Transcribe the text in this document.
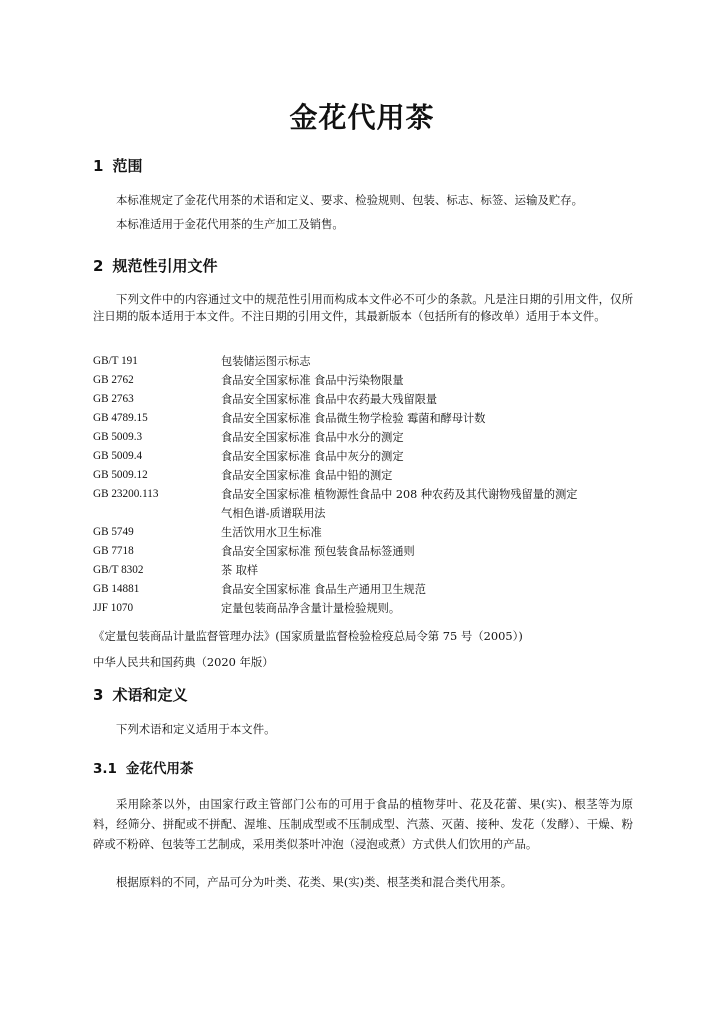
金花代用茶
1 范围

本标准规定了金花代用茶的术语和定义、要求、检验规则、包装、标志、标签、运输及贮存。

本标准适用于金花代用茶的生产加工及销售。

2 规范性引用文件

下列文件中的内容通过文中的规范性引用而构成本文件必不可少的条款。凡是注日期的引用文件，仅所注日期的版本适用于本文件。不注日期的引用文件，其最新版本（包括所有的修改单）适用于本文件。

GB/T 191	包装储运图示标志
GB 2762	食品安全国家标准 食品中污染物限量
GB 2763	食品安全国家标准 食品中农药最大残留限量
GB 4789.15	食品安全国家标准 食品微生物学检验 霉菌和酵母计数
GB 5009.3	食品安全国家标准 食品中水分的测定
GB 5009.4	食品安全国家标准 食品中灰分的测定
GB 5009.12	食品安全国家标准 食品中铅的测定
GB 23200.113	食品安全国家标准 植物源性食品中 208 种农药及其代谢物残留量的测定
气相色谱-质谱联用法
GB 5749	生活饮用水卫生标准
GB 7718	食品安全国家标准 预包装食品标签通则
GB/T 8302	茶 取样
GB 14881	食品安全国家标准 食品生产通用卫生规范
JJF 1070	定量包装商品净含量计量检验规则。
《定量包装商品计量监督管理办法》(国家质量监督检验检疫总局令第 75 号（2005）)
中华人民共和国药典（2020 年版）
3 术语和定义

下列术语和定义适用于本文件。

3.1 金花代用茶

采用除茶以外，由国家行政主管部门公布的可用于食品的植物芽叶、花及花蕾、果(实)、根茎等为原料，经筛分、拼配或不拼配、渥堆、压制成型或不压制成型、汽蒸、灭菌、接种、发花（发酵）、干燥、粉碎或不粉碎、包装等工艺制成，采用类似茶叶冲泡（浸泡或煮）方式供人们饮用的产品。

根据原料的不同，产品可分为叶类、花类、果(实)类、根茎类和混合类代用茶。
